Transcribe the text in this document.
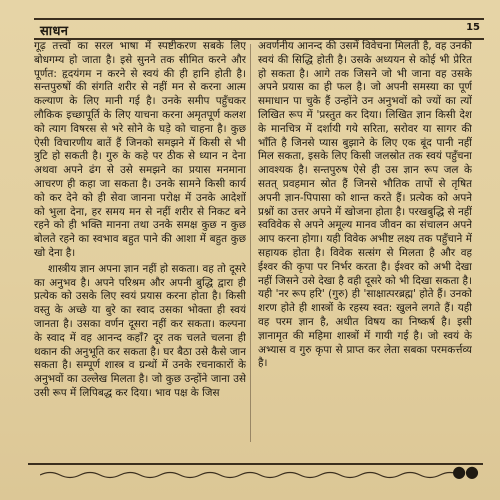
साधन	15

गूढ़ तत्त्वों का सरल भाषा में स्पष्टीकरण सबके लिए बोधगम्य हो जाता है। इसे सुनने तक सीमित करने और पूर्णत: हृदयंगम न करने से स्वयं की ही हानि होती है। सन्तपुरुषों की संगति शरीर से नहीं मन से करना आत्म कल्याण के लिए मानी गई है। उनके समीप पहुँचकर लौकिक इच्छापूर्ति के लिए याचना करना अमृतपूर्ण कलश को त्याग विषरस से भरे सोने के घड़े को चाहना है। कुछ ऐसी विचारणीय बातें हैं जिनको समझने में किसी से भी त्रुटि हो सकती है। गुरु के कहे पर ठीक से ध्यान न देना अथवा अपने ढंग से उसे समझने का प्रयास मनमाना आचरण ही कहा जा सकता है। उनके सामने किसी कार्य को कर देने को ही सेवा जानना परोक्ष में उनके आदेशों को भुला देना, हर समय मन से नहीं शरीर से निकट बने रहने को ही भक्ति मानना तथा उनके समक्ष कुछ न कुछ बोलते रहने का स्वभाव बहुत पाने की आशा में बहुत कुछ खो देना है।

शास्त्रीय ज्ञान अपना ज्ञान नहीं हो सकता। वह तो दूसरे का अनुभव है। अपने परिश्रम और अपनी बुद्धि द्वारा ही प्रत्येक को उसके लिए स्वयं प्रयास करना होता है। किसी वस्तु के अच्छे या बुरे का स्वाद उसका भोक्ता ही स्वयं जानता है। उसका वर्णन दूसरा नहीं कर सकता। कल्पना के स्वाद में वह आनन्द कहाँ? दूर तक चलते चलना ही थकान की अनुभूति कर सकता है। घर बैठा उसे कैसे जान सकता है। सम्पूर्ण शास्त्र व ग्रन्थों में उनके रचनाकारों के अनुभवों का उल्लेख मिलता है। जो कुछ उन्होंने जाना उसे उसी रूप में लिपिबद्ध कर दिया। भाव पक्ष के जिस

अवर्णनीय आनन्द की उसमें विवेचना मिलती है, वह उनकी स्वयं की सिद्धि होती है। उसके अध्ययन से कोई भी प्रेरित हो सकता है। आगे तक जिसने जो भी जाना वह उसके अपने प्रयास का ही फल है। जो अपनी समस्या का पूर्ण समाधान पा चुके हैं उन्होंने उन अनुभवों को ज्यों का त्यों लिखित रूप में 'प्रस्तुत कर दिया। लिखित ज्ञान किसी देश के मानचित्र में दर्शायी गये सरिता, सरोवर या सागर की भाँति है जिनसे प्यास बुझाने के लिए एक बूंद पानी नहीं मिल सकता, इसके लिए किसी जलस्रोत तक स्वयं पहुँचना आवश्यक है। सन्तपुरुष ऐसे ही उस ज्ञान रूप जल के सतत् प्रवहमान स्रोत हैं जिनसे भौतिक तापों से तृषित अपनी ज्ञान-पिपासा को शान्त करते हैं। प्रत्येक को अपने प्रश्नों का उत्तर अपने में खोजना होता है। परखबुद्धि से नहीं स्वविवेक से अपने अमूल्य मानव जीवन का संचालन अपने आप करना होगा। यही विवेक अभीष्ट लक्ष्य तक पहुँचाने में सहायक होता है। विवेक सत्संग से मिलता है और वह ईश्वर की कृपा पर निर्भर करता है। ईश्वर को अभी देखा नहीं जिसने उसे देखा है वही दूसरे को भी दिखा सकता है। यही 'नर रूप हरि' (गुरु) ही 'साक्षात्परब्रह्म' होते हैं। उनको शरण होते ही शास्त्रों के रहस्य स्वत: खुलने लगते हैं। यही वह परम ज्ञान है, अधीत विषय का निष्कर्ष है। इसी ज्ञानामृत की महिमा शास्त्रों में गायी गई है। जो स्वयं के अभ्यास व गुरु कृपा से प्राप्त कर लेता सबका परमकर्त्तव्य है।

●●
